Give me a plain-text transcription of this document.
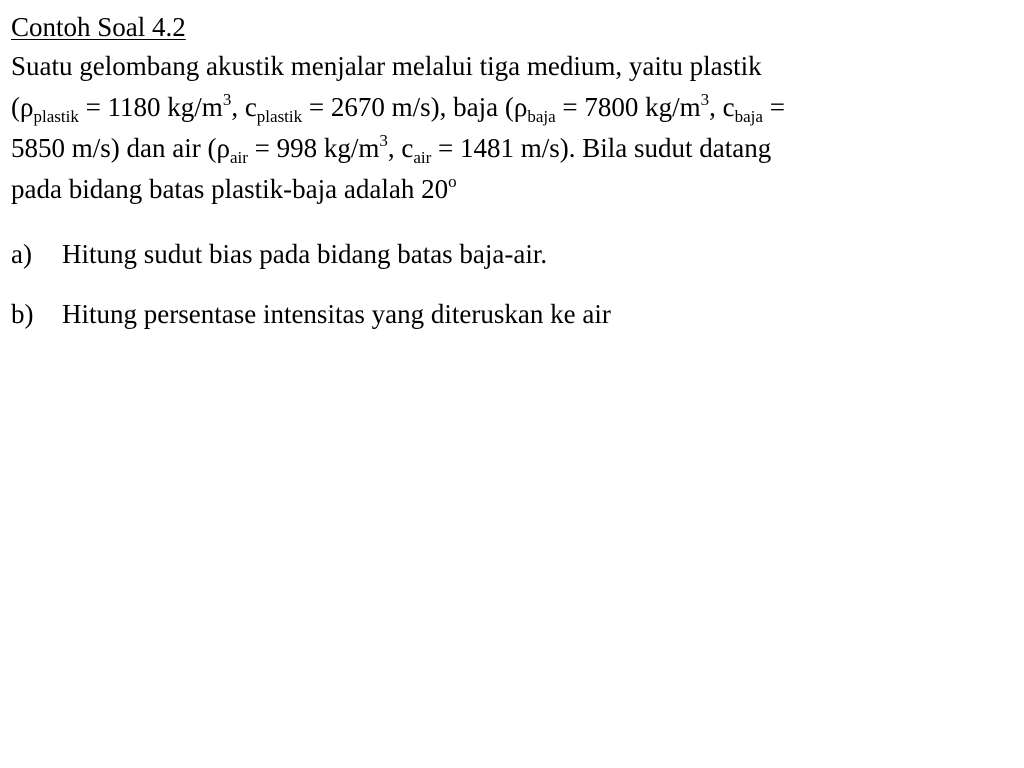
Contoh Soal 4.2
Suatu gelombang akustik menjalar melalui tiga medium, yaitu plastik
($\rho_{plastik} = 1180$ $kg/m^3$, $c_{plastik} = 2670$ m/s), baja ($\rho_{baja} = 7800$ $kg/m^3$, $c_{baja}$ =
5850 m/s) dan air ($\rho_{air} = 998$ $kg/m^3$, $c_{air} = 1481$ m/s). Bila sudut datang
pada bidang batas plastik-baja adalah 20$^o$
a)	Hitung sudut bias pada bidang batas baja-air.
b)	Hitung persentase intensitas yang diteruskan ke air
